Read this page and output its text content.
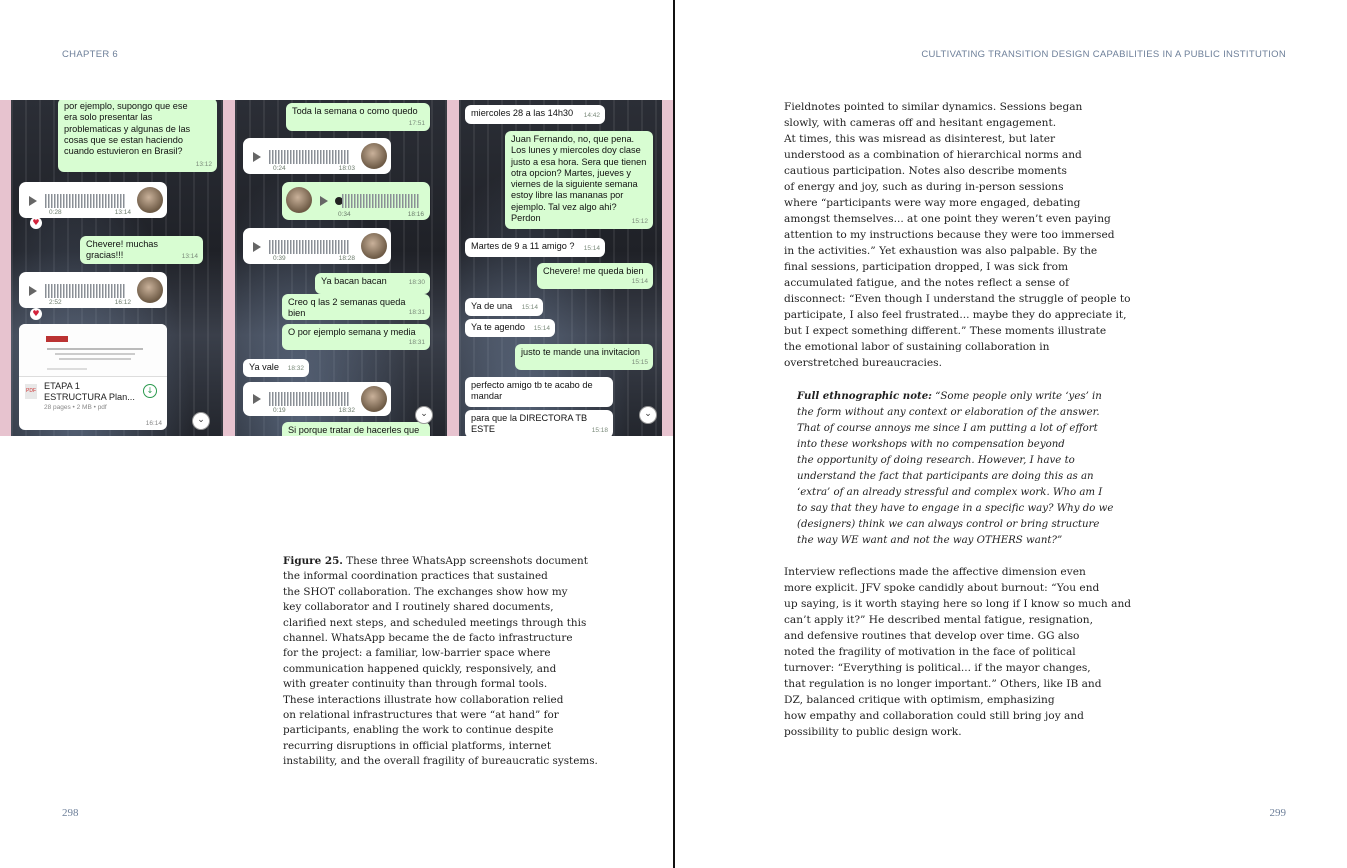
CHAPTER 6
por ejemplo, supongo que ese
era solo presentar las
problematicas y algunas de las
cosas que se estan haciendo
cuando estuvieron en Brasil?
13:12
0:28	13:14
♥
Chevere! muchas gracias!!!	13:14
2:52	16:12
♥
PDF ETAPA 1
ESTRUCTURA Plan...
28 pages • 2 MB • pdf
↓
16:14	⌄
Toda la semana o como quedo
17:51
0:24	18:03
0:34	18:16
0:39	18:28
Ya bacan bacan	18:30
Creo q las 2 semanas queda bien	18:31
O por ejemplo semana y media
18:31
Ya vale 18:32
0:19	18:32
Si porque tratar de hacerles que
⌄
miercoles 28 a las 14h30 14:42
Juan Fernando, no, que pena.
Los lunes y miercoles doy clase
justo a esa hora. Sera que tienen
otra opcion? Martes, jueves y
viernes de la siguiente semana
estoy libre las mananas por
ejemplo. Tal vez algo ahi? Perdon	15:12
Martes de 9 a 11 amigo ? 15:14
Chevere! me queda bien
15:14
Ya de una 15:14
Ya te agendo 15:14
justo te mande una invitacion
15:15
perfecto amigo tb te acabo de
mandar
para que la DIRECTORA TB ESTE	15:18
⌄

Figure 25. These three WhatsApp screenshots document
the informal coordination practices that sustained
the SHOT collaboration. The exchanges show how my
key collaborator and I routinely shared documents,
clarified next steps, and scheduled meetings through this
channel. WhatsApp became the de facto infrastructure
for the project: a familiar, low-barrier space where
communication happened quickly, responsively, and
with greater continuity than through formal tools.
These interactions illustrate how collaboration relied
on relational infrastructures that were “at hand” for
participants, enabling the work to continue despite
recurring disruptions in official platforms, internet
instability, and the overall fragility of bureaucratic systems.

298
CULTIVATING TRANSITION DESIGN CAPABILITIES IN A PUBLIC INSTITUTION

Fieldnotes pointed to similar dynamics. Sessions began
slowly, with cameras off and hesitant engagement.
At times, this was misread as disinterest, but later
understood as a combination of hierarchical norms and
cautious participation. Notes also describe moments
of energy and joy, such as during in-person sessions
where “participants were way more engaged, debating
amongst themselves... at one point they weren’t even paying
attention to my instructions because they were too immersed
in the activities.” Yet exhaustion was also palpable. By the
final sessions, participation dropped, I was sick from
accumulated fatigue, and the notes reflect a sense of
disconnect: “Even though I understand the struggle of people to
participate, I also feel frustrated... maybe they do appreciate it,
but I expect something different.” These moments illustrate
the emotional labor of sustaining collaboration in
overstretched bureaucracies.

Full ethnographic note: “Some people only write ‘yes’ in
the form without any context or elaboration of the answer.
That of course annoys me since I am putting a lot of effort
into these workshops with no compensation beyond
the opportunity of doing research. However, I have to
understand the fact that participants are doing this as an
‘extra’ of an already stressful and complex work. Who am I
to say that they have to engage in a specific way? Why do we
(designers) think we can always control or bring structure
the way WE want and not the way OTHERS want?”

Interview reflections made the affective dimension even
more explicit. JFV spoke candidly about burnout: “You end
up saying, is it worth staying here so long if I know so much and
can’t apply it?” He described mental fatigue, resignation,
and defensive routines that develop over time. GG also
noted the fragility of motivation in the face of political
turnover: “Everything is political... if the mayor changes,
that regulation is no longer important.” Others, like IB and
DZ, balanced critique with optimism, emphasizing
how empathy and collaboration could still bring joy and
possibility to public design work.

299
